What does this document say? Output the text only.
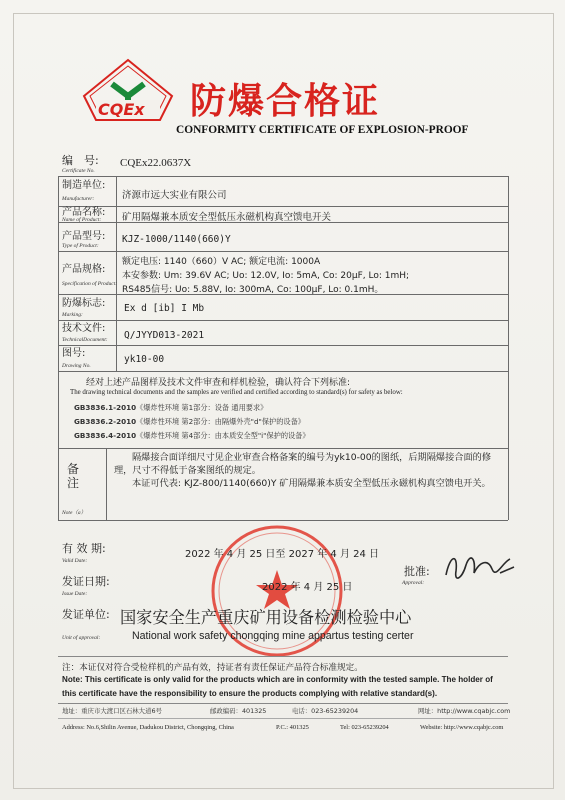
CQEx 防爆合格证
CONFORMITY CERTIFICATE OF EXPLOSION-PROOF
编　号:
Certificate No.
CQEx22.0637X
制造单位:
Manufacturer:	济源市远大实业有限公司
产品名称:
Name of Product: 矿用隔爆兼本质安全型低压永磁机构真空馈电开关
产品型号:
Type of Product:
KJZ-1000/1140(660)Y
产品规格:
Specification of Product:
额定电压: 1140（660）V AC; 额定电流: 1000A
本安参数: Um: 39.6V AC; Uo: 12.0V, Io: 5mA, Co: 20μF, Lo: 1mH;
RS485信号: Uo: 5.88V, Io: 300mA, Co: 100μF, Lo: 0.1mH。
防爆标志:
Marking:
Ex d [ib] I Mb
技术文件:
TechnicalDocument: Q/JYYD013-2021
图号:
Drawing No.
yk10-00
经对上述产品图样及技术文件审查和样机检验，确认符合下列标准:
The drawing technical documents and the samples are verified and certified according to standard(s) for safety as below:
GB3836.1-2010 《爆炸性环境 第1部分：设备 通用要求》
GB3836.2-2010 《爆炸性环境 第2部分：由隔爆外壳"d"保护的设备》
GB3836.4-2010 《爆炸性环境 第4部分：由本质安全型"i"保护的设备》
备　注
Note（a）
隔爆接合面详细尺寸见企业审查合格备案的编号为yk10-00的图纸，后期隔爆接合面的修理，尺寸不得低于备案图纸的规定。
本证可代表: KJZ-800/1140(660)Y 矿用隔爆兼本质安全型低压永磁机构真空馈电开关。
有 效 期:
Valid Date:
2022 年 4 月 25 日至 2027 年 4 月 24 日
发证日期:
Issue Date:
2022 年 4 月 25 日
批准:
Approval:
发证单位:
Unit of approval:
国家安全生产重庆矿用设备检测检验中心
National work safety chongqing mine appartus testing certer
注：本证仅对符合受检样机的产品有效，持证者有责任保证产品符合标准规定。
Note: This certificate is only valid for the products which are in conformity with the tested sample. The holder of
this certificate have the responsibility to ensure the products complying with relative standard(s).
地址：重庆市大渡口区石林大道6号	邮政编码：401325	电话：023-65239204	网址：http://www.cqabjc.com
Address: No.6,Shilin Avenue, Dadukou District, Chongqing, China	P.C.: 401325	Tel: 023-65239204	Website: http://www.cqabjc.com
